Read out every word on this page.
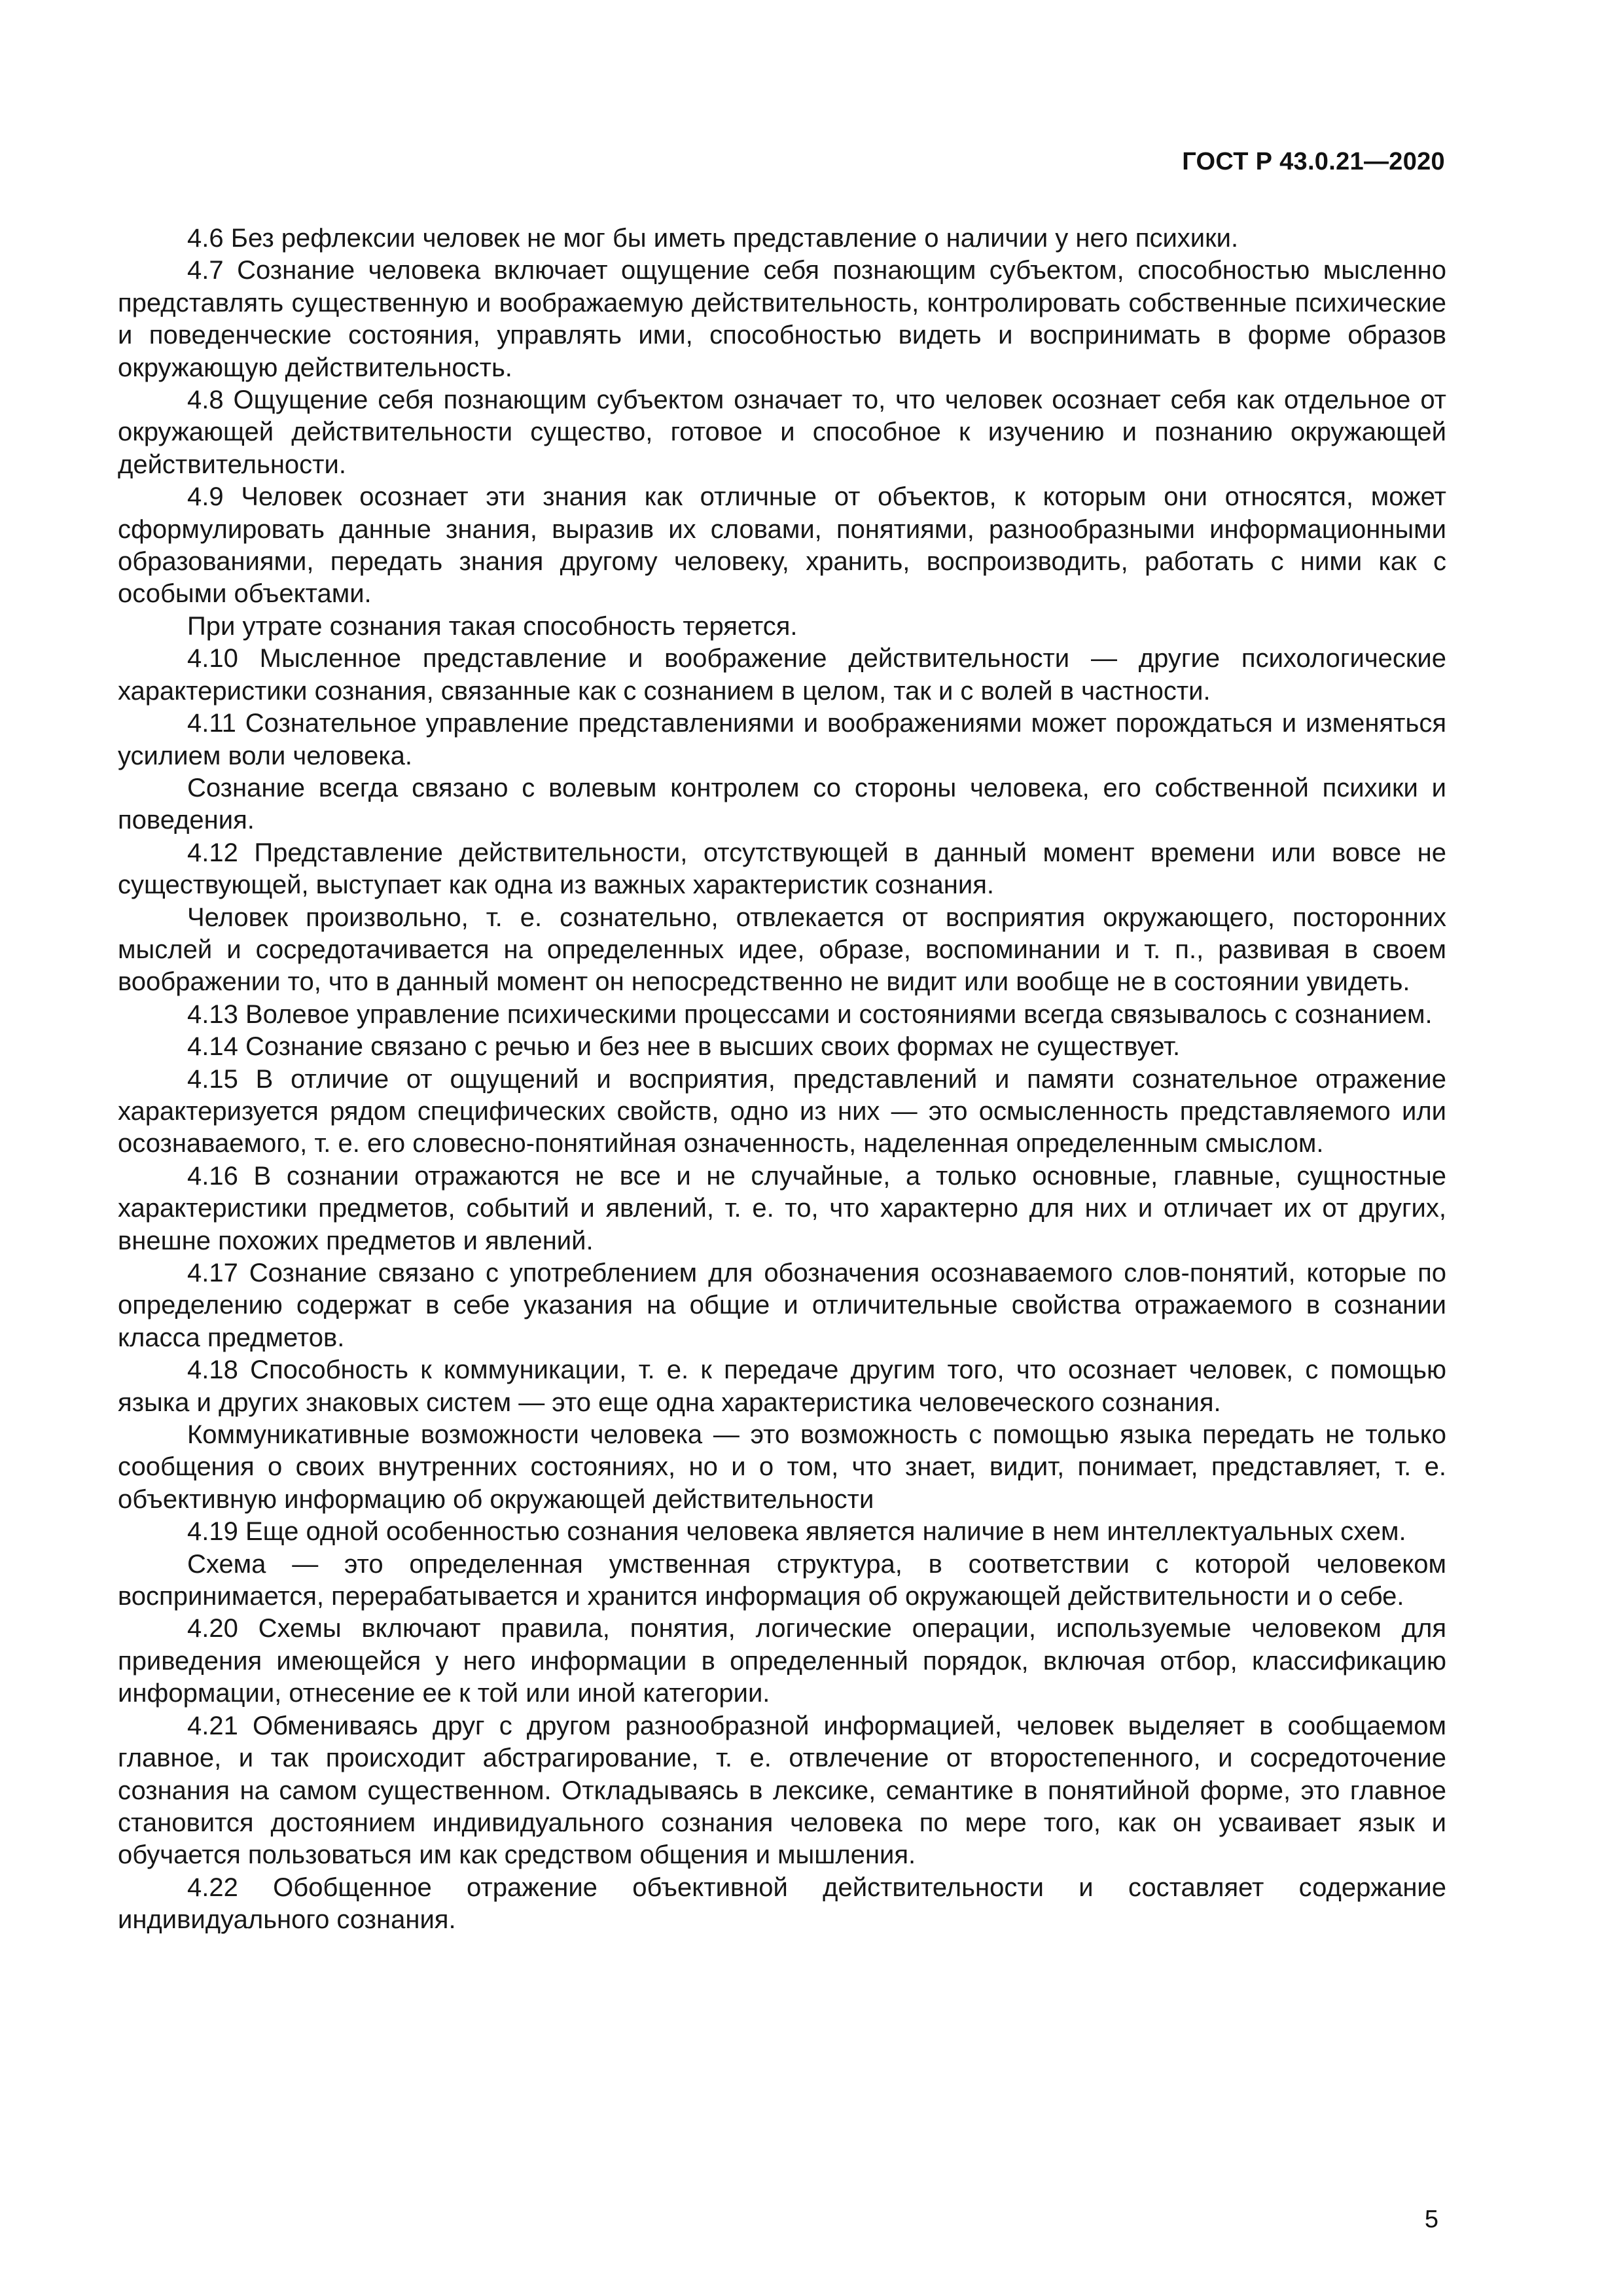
ГОСТ Р 43.0.21—2020

4.6 Без рефлексии человек не мог бы иметь представление о наличии у него психики.

4.7 Сознание человека включает ощущение себя познающим субъектом, способностью мысленно представлять существенную и воображаемую действительность, контролировать собственные психические и поведенческие состояния, управлять ими, способностью видеть и воспринимать в форме образов окружающую действительность.

4.8 Ощущение себя познающим субъектом означает то, что человек осознает себя как отдельное от окружающей действительности существо, готовое и способное к изучению и познанию окружающей действительности.

4.9 Человек осознает эти знания как отличные от объектов, к которым они относятся, может сформулировать данные знания, выразив их словами, понятиями, разнообразными информационными образованиями, передать знания другому человеку, хранить, воспроизводить, работать с ними как с особыми объектами.

При утрате сознания такая способность теряется.

4.10 Мысленное представление и воображение действительности — другие психологические характеристики сознания, связанные как с сознанием в целом, так и с волей в частности.

4.11 Сознательное управление представлениями и воображениями может порождаться и изменяться усилием воли человека.

Сознание всегда связано с волевым контролем со стороны человека, его собственной психики и поведения.

4.12 Представление действительности, отсутствующей в данный момент времени или вовсе не существующей, выступает как одна из важных характеристик сознания.

Человек произвольно, т. е. сознательно, отвлекается от восприятия окружающего, посторонних мыслей и сосредотачивается на определенных идее, образе, воспоминании и т. п., развивая в своем воображении то, что в данный момент он непосредственно не видит или вообще не в состоянии увидеть.

4.13 Волевое управление психическими процессами и состояниями всегда связывалось с сознанием.

4.14 Сознание связано с речью и без нее в высших своих формах не существует.

4.15 В отличие от ощущений и восприятия, представлений и памяти сознательное отражение характеризуется рядом специфических свойств, одно из них — это осмысленность представляемого или осознаваемого, т. е. его словесно-понятийная означенность, наделенная определенным смыслом.

4.16 В сознании отражаются не все и не случайные, а только основные, главные, сущностные характеристики предметов, событий и явлений, т. е. то, что характерно для них и отличает их от других, внешне похожих предметов и явлений.

4.17 Сознание связано с употреблением для обозначения осознаваемого слов-понятий, которые по определению содержат в себе указания на общие и отличительные свойства отражаемого в сознании класса предметов.

4.18 Способность к коммуникации, т. е. к передаче другим того, что осознает человек, с помощью языка и других знаковых систем — это еще одна характеристика человеческого сознания.

Коммуникативные возможности человека — это возможность с помощью языка передать не только сообщения о своих внутренних состояниях, но и о том, что знает, видит, понимает, представляет, т. е. объективную информацию об окружающей действительности

4.19 Еще одной особенностью сознания человека является наличие в нем интеллектуальных схем.

Схема — это определенная умственная структура, в соответствии с которой человеком воспринимается, перерабатывается и хранится информация об окружающей действительности и о себе.

4.20 Схемы включают правила, понятия, логические операции, используемые человеком для приведения имеющейся у него информации в определенный порядок, включая отбор, классификацию информации, отнесение ее к той или иной категории.

4.21 Обмениваясь друг с другом разнообразной информацией, человек выделяет в сообщаемом главное, и так происходит абстрагирование, т. е. отвлечение от второстепенного, и сосредоточение сознания на самом существенном. Откладываясь в лексике, семантике в понятийной форме, это главное становится достоянием индивидуального сознания человека по мере того, как он усваивает язык и обучается пользоваться им как средством общения и мышления.

4.22 Обобщенное отражение объективной действительности и составляет содержание индивидуального сознания.

5
